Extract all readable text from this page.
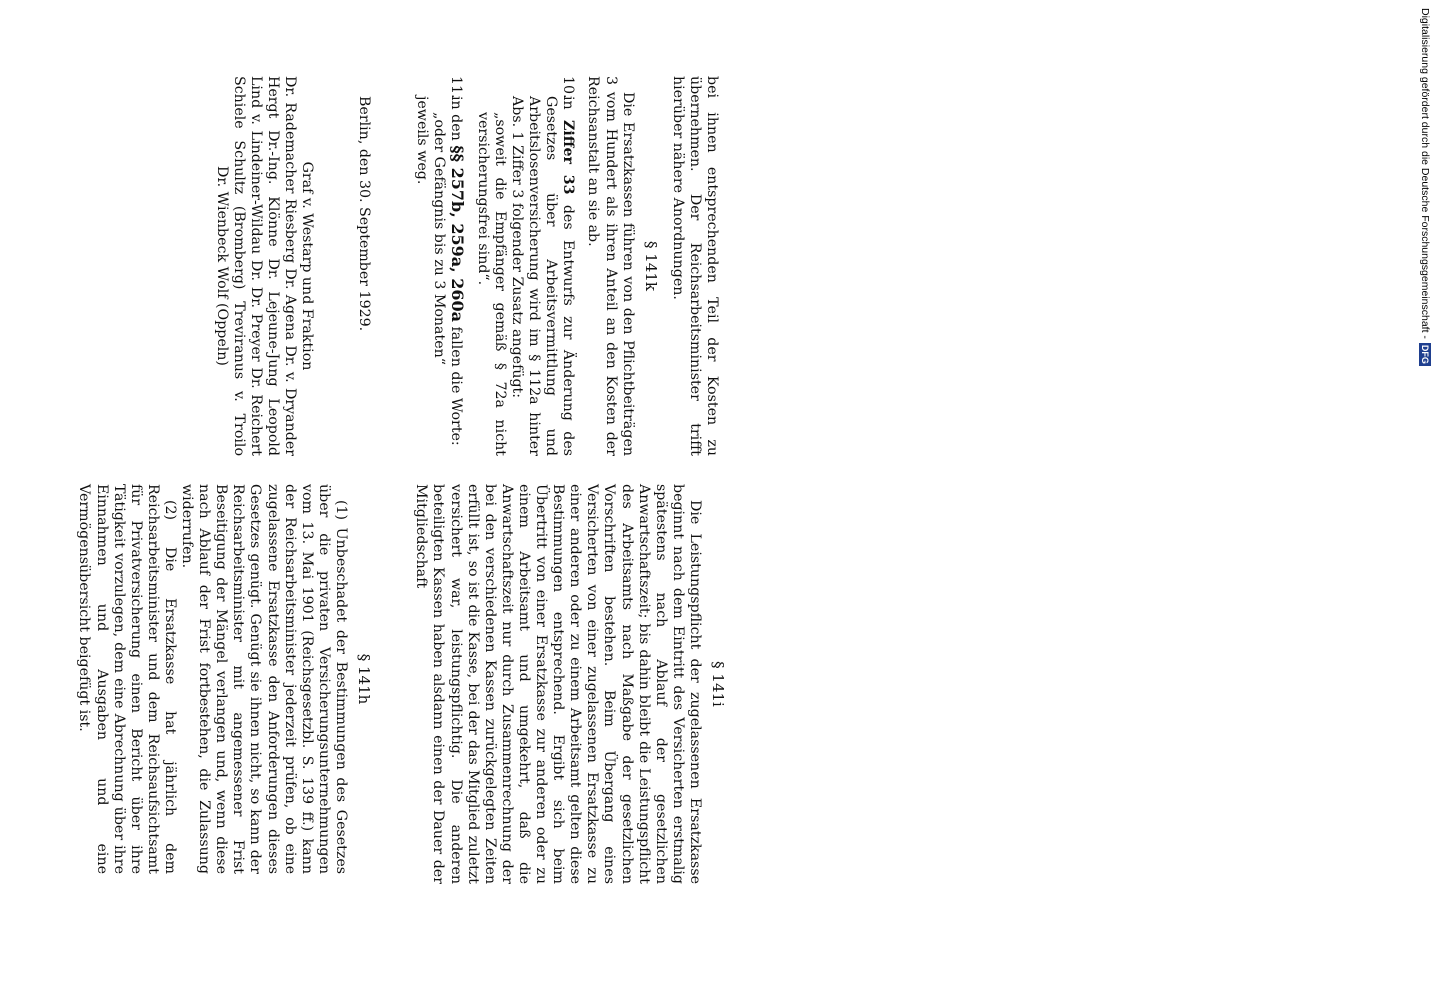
§ 141h

(1) Unbeschadet der Bestimmungen des Gesetzes über die privaten Versicherungsunternehmungen vom 13. Mai 1901 (Reichsgesetzbl. S. 139 ff.) kann der Reichsarbeitsminister jederzeit prüfen, ob eine zugelassene Ersatzkasse den Anforderungen dieses Gesetzes genügt. Genügt sie ihnen nicht, so kann der Reichsarbeitsminister mit angemessener Frist Beseitigung der Mängel verlangen und, wenn diese nach Ablauf der Frist fortbestehen, die Zulassung widerrufen.

(2) Die Ersatzkasse hat jährlich dem Reichsarbeitsminister und dem Reichsaufsichtsamt für Privatversicherung einen Bericht über ihre Tätigkeit vorzulegen, dem eine Abrechnung über ihre Einnahmen und Ausgaben und eine Vermögensübersicht beigefügt ist.	§ 141i

Die Leistungspflicht der zugelassenen Ersatzkasse beginnt nach dem Eintritt des Versicherten erstmalig spätestens nach Ablauf der gesetzlichen Anwartschaftszeit; bis dahin bleibt die Leistungspflicht des Arbeitsamts nach Maßgabe der gesetzlichen Vorschriften bestehen. Beim Übergang eines Versicherten von einer zugelassenen Ersatzkasse zu einer anderen oder zu einem Arbeitsamt gelten diese Bestimmungen entsprechend. Ergibt sich beim Übertritt von einer Ersatzkasse zur anderen oder zu einem Arbeitsamt und umgekehrt, daß die Anwartschaftszeit nur durch Zusammenrechnung der bei den verschiedenen Kassen zurückgelegten Zeiten erfüllt ist, so ist die Kasse, bei der das Mitglied zuletzt versichert war, leistungspflichtig. Die anderen beteiligten Kassen haben alsdann einen der Dauer der Mitgliedschaft

bei ihnen entsprechenden Teil der Kosten zu übernehmen. Der Reichsarbeitsminister trifft hierüber nähere Anordnungen.

§ 141k

Die Ersatzkassen führen von den Pflichtbeiträgen 3 vom Hundert als ihren Anteil an den Kosten der Reichsanstalt an sie ab.

10.in Ziffer 33 des Entwurfs zur Änderung des Gesetzes über Arbeitsvermittlung und Arbeitslosenversicherung wird im § 112a hinter Abs. 1 Ziffer 3 folgender Zusatz angefügt:

„soweit die Empfänger gemäß § 72a nicht versicherungsfrei sind“.

11.in den §§ 257b, 259a, 260a fallen die Worte:

„oder Gefängnis bis zu 3 Monaten“

jeweils weg.

Berlin, den 30. September 1929.

Graf v. Westarp und Fraktion

Dr. Rademacher Riesberg Dr. Agena Dr. v. Dryander

Hergt Dr.-Ing. Klönne Dr. Lejeune-Jung Leopold

Lind v. Lindeiner-Wildau Dr. Dr. Preyer Dr. Reichert

Schiele Schultz (Bromberg) Treviranus v. Troilo

Dr. Wienbeck Wolf (Oppeln)	Digitalisierung gefördert durch die Deutsche Forschungsgemeinschaft -DFG
